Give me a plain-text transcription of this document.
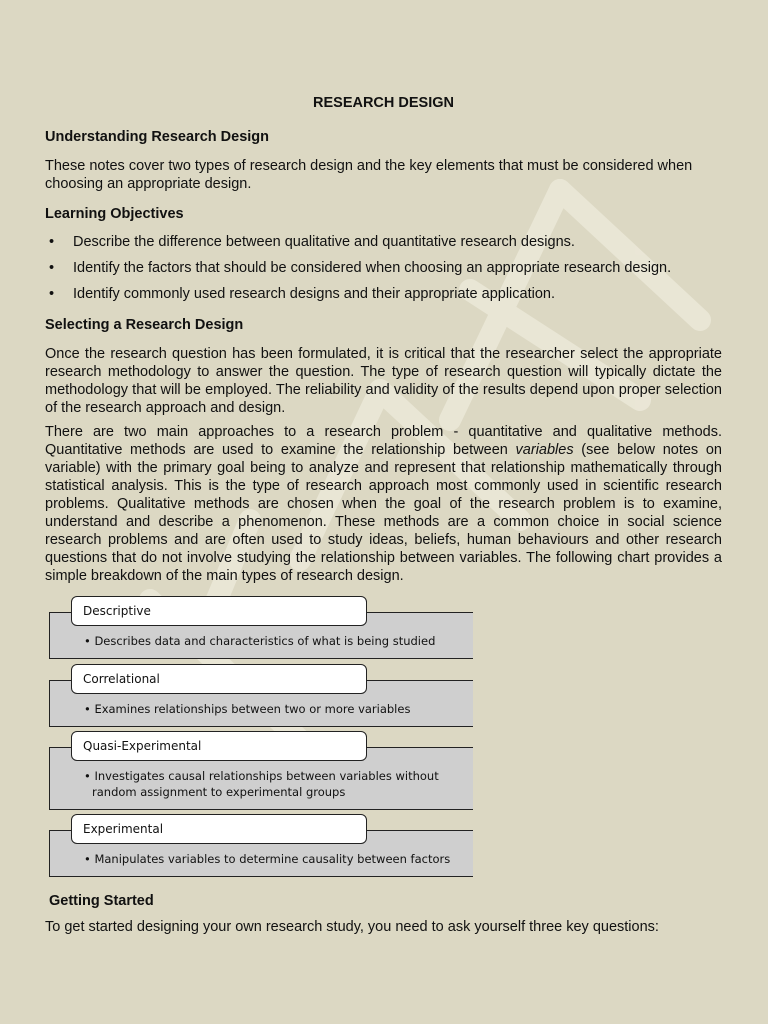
RESEARCH DESIGN
Understanding Research Design
These notes cover two types of research design and the key elements that must be considered when choosing an appropriate design.
Learning Objectives
• Describe the difference between qualitative and quantitative research designs.
• Identify the factors that should be considered when choosing an appropriate research design.
• Identify commonly used research designs and their appropriate application.
Selecting a Research Design
Once the research question has been formulated, it is critical that the researcher select the appropriate research methodology to answer the question. The type of research question will typically dictate the methodology that will be employed. The reliability and validity of the results depend upon proper selection of the research approach and design.
There are two main approaches to a research problem - quantitative and qualitative methods. Quantitative methods are used to examine the relationship between variables (see below notes on variable) with the primary goal being to analyze and represent that relationship mathematically through statistical analysis. This is the type of research approach most commonly used in scientific research problems. Qualitative methods are chosen when the goal of the research problem is to examine, understand and describe a phenomenon. These methods are a common choice in social science research problems and are often used to study ideas, beliefs, human behaviours and other research questions that do not involve studying the relationship between variables. The following chart provides a simple breakdown of the main types of research design.
Getting Started
To get started designing your own research study, you need to ask yourself three key questions:
• Describes data and characteristics of what is being studied
Descriptive
• Examines relationships between two or more variables
Correlational
• Investigates causal relationships between variables without
random assignment to experimental groups
Quasi-Experimental
• Manipulates variables to determine causality between factors
Experimental
